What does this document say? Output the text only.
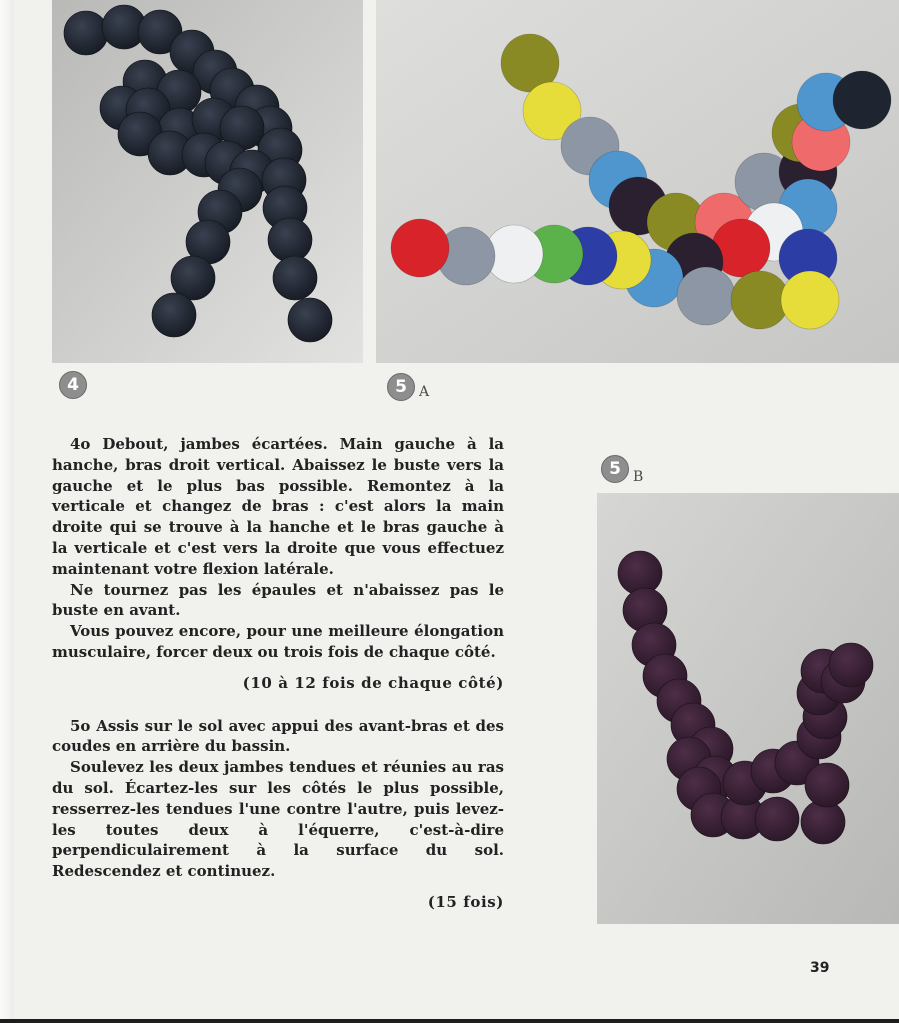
4	5 A
5 B

4o Debout, jambes écartées. Main gauche à la hanche, bras droit vertical. Abaissez le buste vers la gauche et le plus bas possible. Remontez à la verticale et changez de bras : c'est alors la main droite qui se trouve à la hanche et le bras gauche à la verticale et c'est vers la droite que vous effectuez maintenant votre flexion latérale.

Ne tournez pas les épaules et n'abaissez pas le buste en avant.

Vous pouvez encore, pour une meilleure élongation musculaire, forcer deux ou trois fois de chaque côté.

(10 à 12 fois de chaque côté)

5o Assis sur le sol avec appui des avant-bras et des coudes en arrière du bassin.

Soulevez les deux jambes tendues et réunies au ras du sol. Écartez-les sur les côtés le plus possible, resserrez-les tendues l'une contre l'autre, puis levez-les toutes deux à l'équerre, c'est-à-dire perpendiculairement à la surface du sol. Redescendez et continuez.

(15 fois)

39
